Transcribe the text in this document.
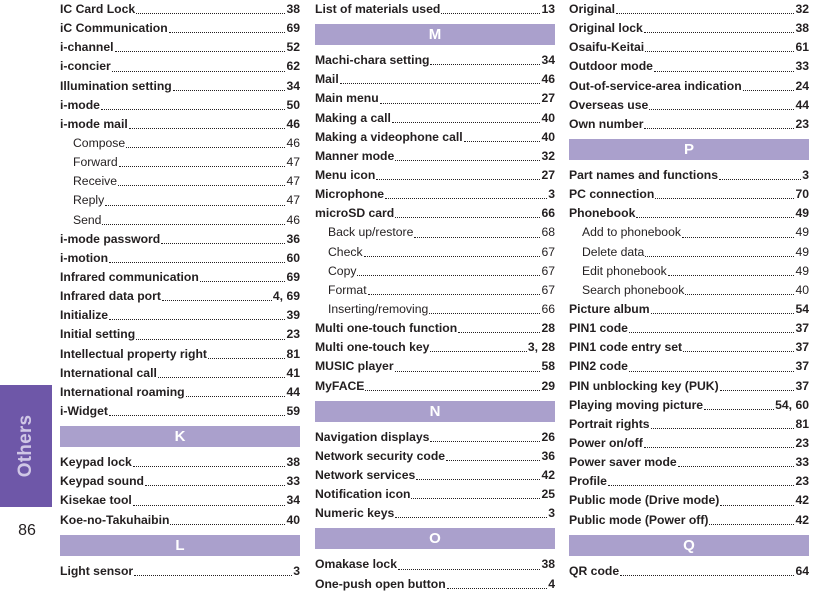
Others
86
IC Card Lock	38
iC Communication	69
i-channel	52
i-concier	62
Illumination setting	34
i-mode	50
i-mode mail	46
Compose	46
Forward	47
Receive	47
Reply	47
Send	46
i-mode password	36
i-motion	60
Infrared communication	69
Infrared data port	4, 69
Initialize	39
Initial setting	23
Intellectual property right	81
International call	41
International roaming	44
i-Widget	59
K
Keypad lock	38
Keypad sound	33
Kisekae tool	34
Koe-no-Takuhaibin	40
L
Light sensor	3
List of materials used	13
M
Machi-chara setting	34
Mail	46
Main menu	27
Making a call	40
Making a videophone call	40
Manner mode	32
Menu icon	27
Microphone	3
microSD card	66
Back up/restore	68
Check	67
Copy	67
Format	67
Inserting/removing	66
Multi one-touch function	28
Multi one-touch key	3, 28
MUSIC player	58
MyFACE	29
N
Navigation displays	26
Network security code	36
Network services	42
Notification icon	25
Numeric keys	3
O
Omakase lock	38
One-push open button	4
Original	32
Original lock	38
Osaifu-Keitai	61
Outdoor mode	33
Out-of-service-area indication	24
Overseas use	44
Own number	23
P
Part names and functions	3
PC connection	70
Phonebook	49
Add to phonebook	49
Delete data	49
Edit phonebook	49
Search phonebook	40
Picture album	54
PIN1 code	37
PIN1 code entry set	37
PIN2 code	37
PIN unblocking key (PUK)	37
Playing moving picture	54, 60
Portrait rights	81
Power on/off	23
Power saver mode	33
Profile	23
Public mode (Drive mode)	42
Public mode (Power off)	42
Q
QR code	64
